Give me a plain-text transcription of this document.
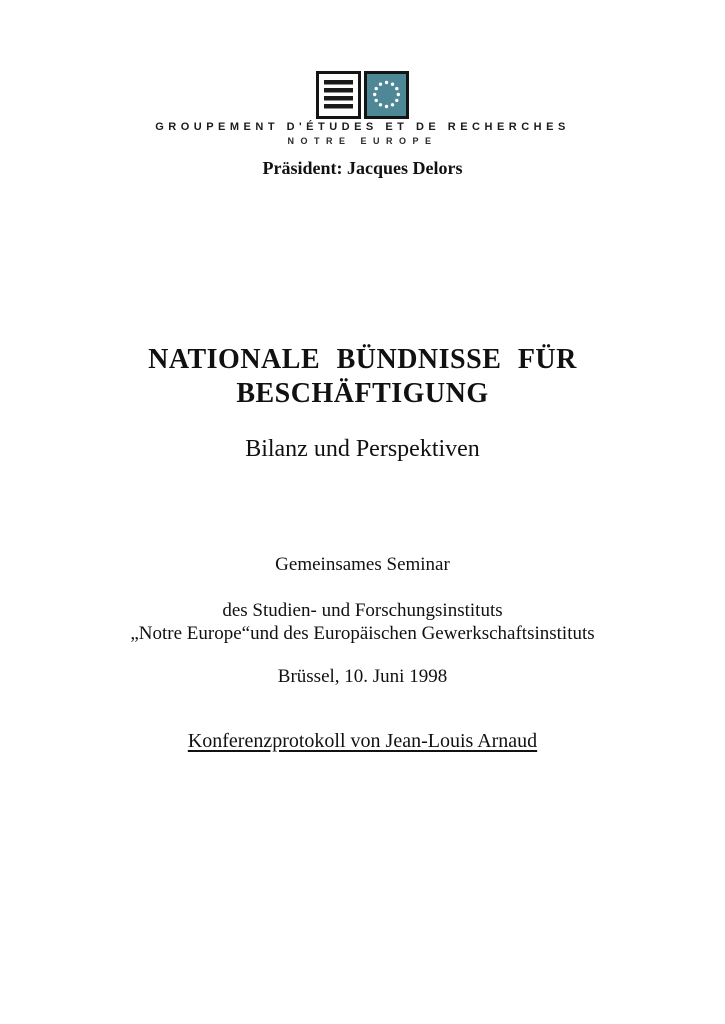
GROUPEMENT D'ÉTUDES ET DE RECHERCHES
NOTRE EUROPE
Präsident: Jacques Delors
NATIONALE BÜNDNISSE FÜR
BESCHÄFTIGUNG
Bilanz und Perspektiven
Gemeinsames Seminar
des Studien- und Forschungsinstituts
„Notre Europe“und des Europäischen Gewerkschaftsinstituts
Brüssel, 10. Juni 1998
Konferenzprotokoll von Jean-Louis Arnaud
